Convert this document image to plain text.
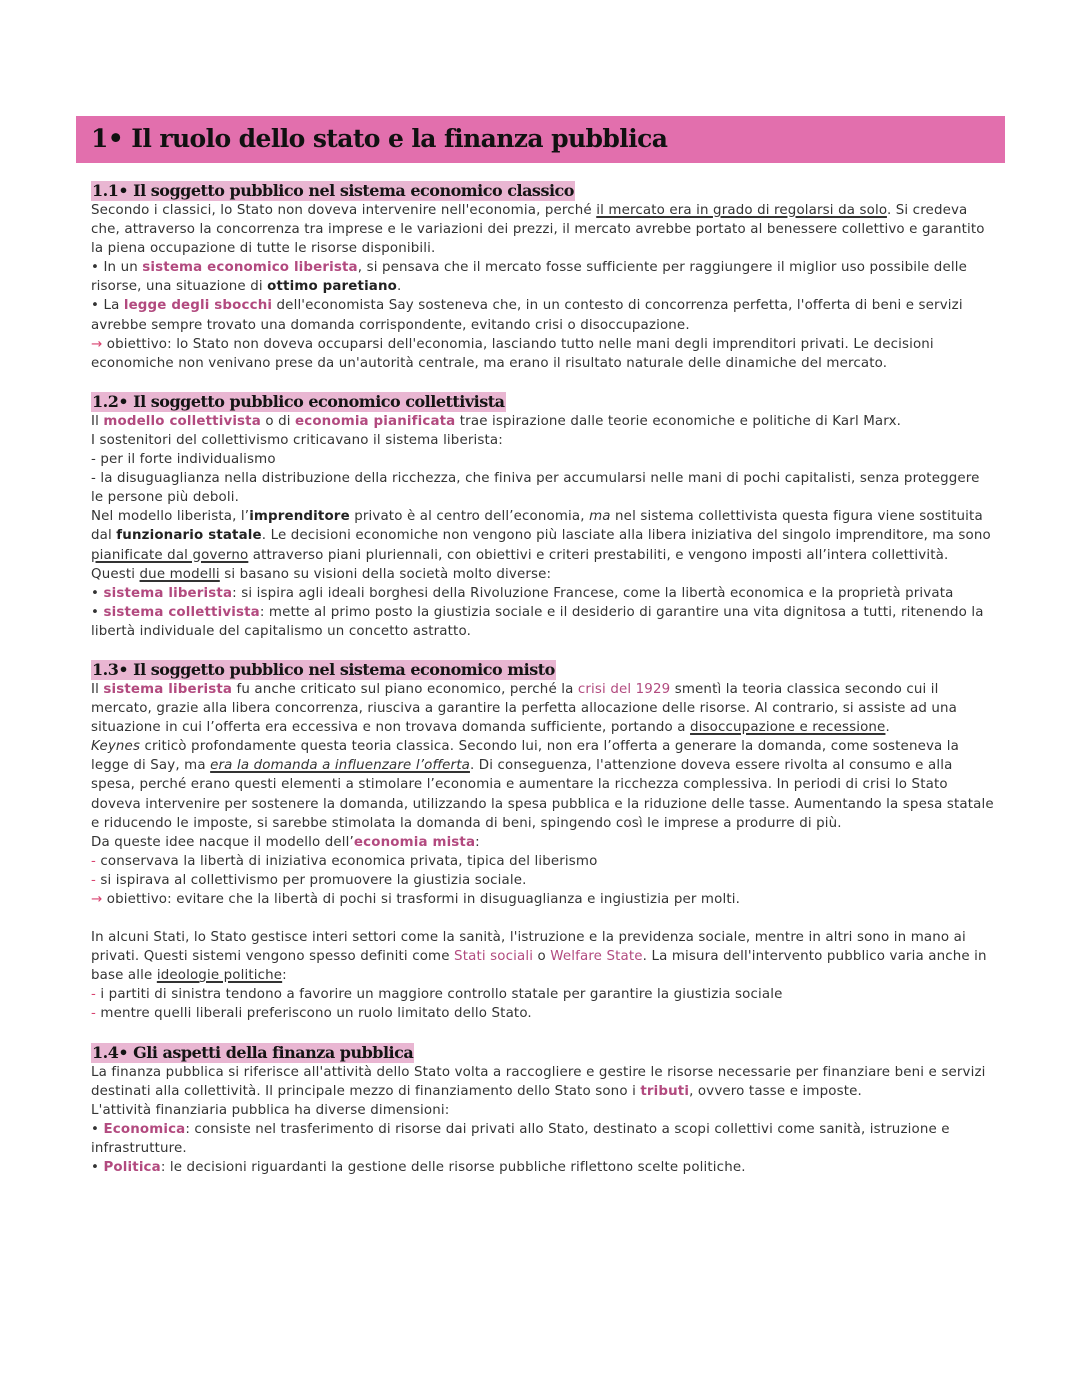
1• Il ruolo dello stato e la finanza pubblica
1.1• Il soggetto pubblico nel sistema economico classico

Secondo i classici, lo Stato non doveva intervenire nell'economia, perché il mercato era in grado di regolarsi da solo. Si credeva che, attraverso la concorrenza tra imprese e le variazioni dei prezzi, il mercato avrebbe portato al benessere collettivo e garantito la piena occupazione di tutte le risorse disponibili.

• In un sistema economico liberista, si pensava che il mercato fosse sufficiente per raggiungere il miglior uso possibile delle risorse, una situazione di ottimo paretiano.

• La legge degli sbocchi dell'economista Say sosteneva che, in un contesto di concorrenza perfetta, l'offerta di beni e servizi avrebbe sempre trovato una domanda corrispondente, evitando crisi o disoccupazione.

→ obiettivo: lo Stato non doveva occuparsi dell'economia, lasciando tutto nelle mani degli imprenditori privati. Le decisioni economiche non venivano prese da un'autorità centrale, ma erano il risultato naturale delle dinamiche del mercato.

1.2• Il soggetto pubblico economico collettivista

Il modello collettivista o di economia pianificata trae ispirazione dalle teorie economiche e politiche di Karl Marx.

I sostenitori del collettivismo criticavano il sistema liberista:

- per il forte individualismo

- la disuguaglianza nella distribuzione della ricchezza, che finiva per accumularsi nelle mani di pochi capitalisti, senza proteggere le persone più deboli.

Nel modello liberista, l’imprenditore privato è al centro dell’economia, ma nel sistema collettivista questa figura viene sostituita dal funzionario statale. Le decisioni economiche non vengono più lasciate alla libera iniziativa del singolo imprenditore, ma sono pianificate dal governo attraverso piani pluriennali, con obiettivi e criteri prestabiliti, e vengono imposti all’intera collettività.

Questi due modelli si basano su visioni della società molto diverse:

• sistema liberista: si ispira agli ideali borghesi della Rivoluzione Francese, come la libertà economica e la proprietà privata

• sistema collettivista: mette al primo posto la giustizia sociale e il desiderio di garantire una vita dignitosa a tutti, ritenendo la libertà individuale del capitalismo un concetto astratto.

1.3• Il soggetto pubblico nel sistema economico misto

Il sistema liberista fu anche criticato sul piano economico, perché la crisi del 1929 smentì la teoria classica secondo cui il mercato, grazie alla libera concorrenza, riusciva a garantire la perfetta allocazione delle risorse. Al contrario, si assiste ad una situazione in cui l’offerta era eccessiva e non trovava domanda sufficiente, portando a disoccupazione e recessione.

Keynes criticò profondamente questa teoria classica. Secondo lui, non era l’offerta a generare la domanda, come sosteneva la legge di Say, ma era la domanda a influenzare l’offerta. Di conseguenza, l'attenzione doveva essere rivolta al consumo e alla spesa, perché erano questi elementi a stimolare l’economia e aumentare la ricchezza complessiva. In periodi di crisi lo Stato doveva intervenire per sostenere la domanda, utilizzando la spesa pubblica e la riduzione delle tasse. Aumentando la spesa statale e riducendo le imposte, si sarebbe stimolata la domanda di beni, spingendo così le imprese a produrre di più.

Da queste idee nacque il modello dell’economia mista:

- conservava la libertà di iniziativa economica privata, tipica del liberismo

- si ispirava al collettivismo per promuovere la giustizia sociale.

→ obiettivo: evitare che la libertà di pochi si trasformi in disuguaglianza e ingiustizia per molti.

In alcuni Stati, lo Stato gestisce interi settori come la sanità, l'istruzione e la previdenza sociale, mentre in altri sono in mano ai privati. Questi sistemi vengono spesso definiti come Stati sociali o Welfare State. La misura dell'intervento pubblico varia anche in base alle ideologie politiche:

- i partiti di sinistra tendono a favorire un maggiore controllo statale per garantire la giustizia sociale

- mentre quelli liberali preferiscono un ruolo limitato dello Stato.

1.4• Gli aspetti della finanza pubblica

La finanza pubblica si riferisce all'attività dello Stato volta a raccogliere e gestire le risorse necessarie per finanziare beni e servizi destinati alla collettività. Il principale mezzo di finanziamento dello Stato sono i tributi, ovvero tasse e imposte.

L'attività finanziaria pubblica ha diverse dimensioni:

• Economica: consiste nel trasferimento di risorse dai privati allo Stato, destinato a scopi collettivi come sanità, istruzione e infrastrutture.

• Politica: le decisioni riguardanti la gestione delle risorse pubbliche riflettono scelte politiche.
